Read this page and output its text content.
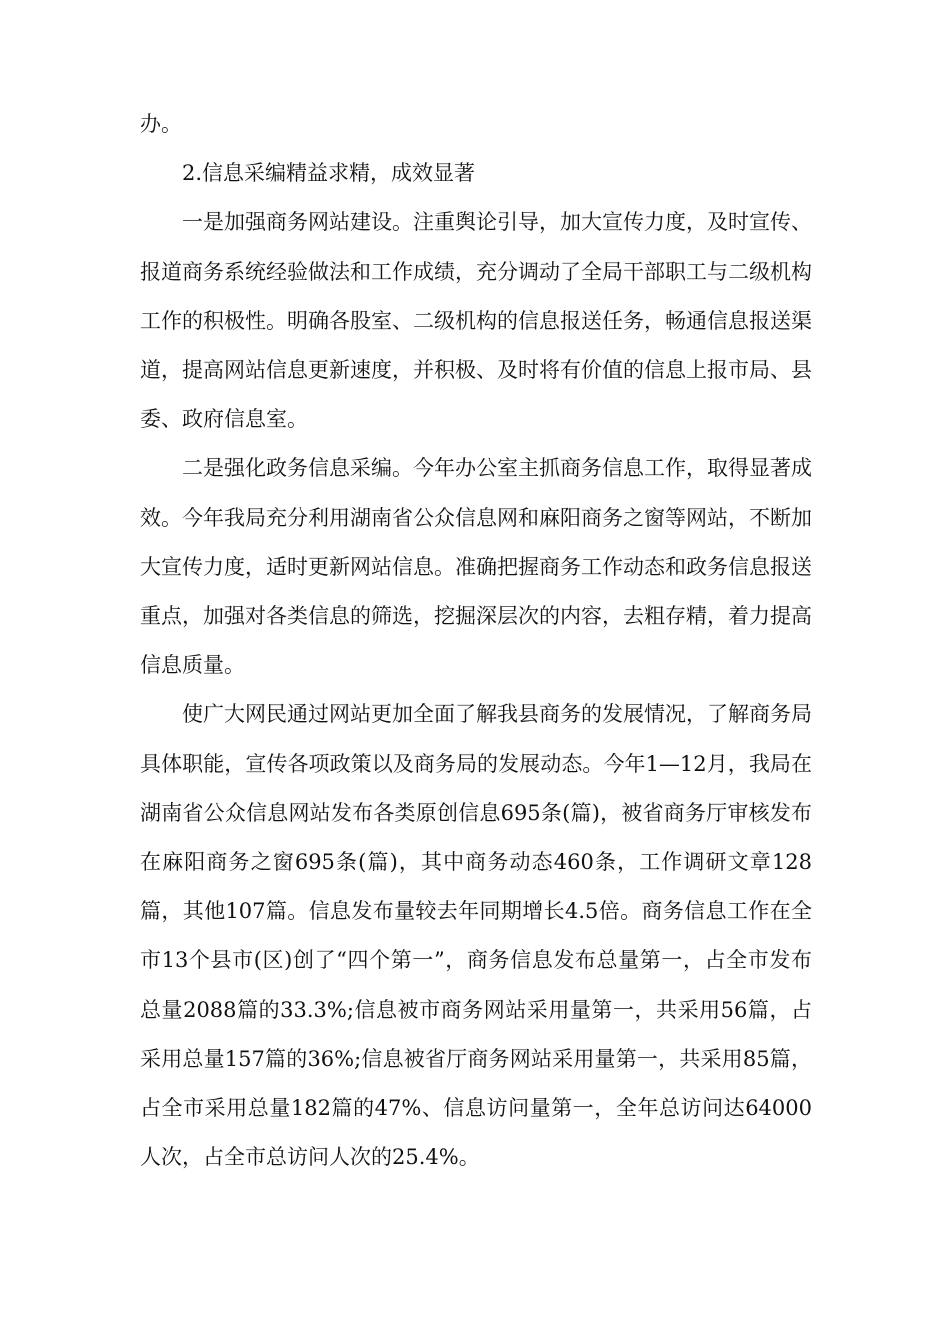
办。

2.信息采编精益求精，成效显著

一是加强商务网站建设。注重舆论引导，加大宣传力度，及时宣传、报道商务系统经验做法和工作成绩，充分调动了全局干部职工与二级机构工作的积极性。明确各股室、二级机构的信息报送任务，畅通信息报送渠道，提高网站信息更新速度，并积极、及时将有价值的信息上报市局、县委、政府信息室。

二是强化政务信息采编。今年办公室主抓商务信息工作，取得显著成效。今年我局充分利用湖南省公众信息网和麻阳商务之窗等网站，不断加大宣传力度，适时更新网站信息。准确把握商务工作动态和政务信息报送重点，加强对各类信息的筛选，挖掘深层次的内容，去粗存精，着力提高信息质量。

使广大网民通过网站更加全面了解我县商务的发展情况，了解商务局具体职能，宣传各项政策以及商务局的发展动态。今年1—12月，我局在湖南省公众信息网站发布各类原创信息695条(篇)，被省商务厅审核发布在麻阳商务之窗695条(篇)，其中商务动态460条，工作调研文章128篇，其他107篇。信息发布量较去年同期增长4.5倍。商务信息工作在全市13个县市(区)创了“四个第一”，商务信息发布总量第一，占全市发布总量2088篇的33.3%;信息被市商务网站采用量第一，共采用56篇，占采用总量157篇的36%;信息被省厅商务网站采用量第一，共采用85篇，占全市采用总量182篇的47%、信息访问量第一，全年总访问达64000人次，占全市总访问人次的25.4%。
